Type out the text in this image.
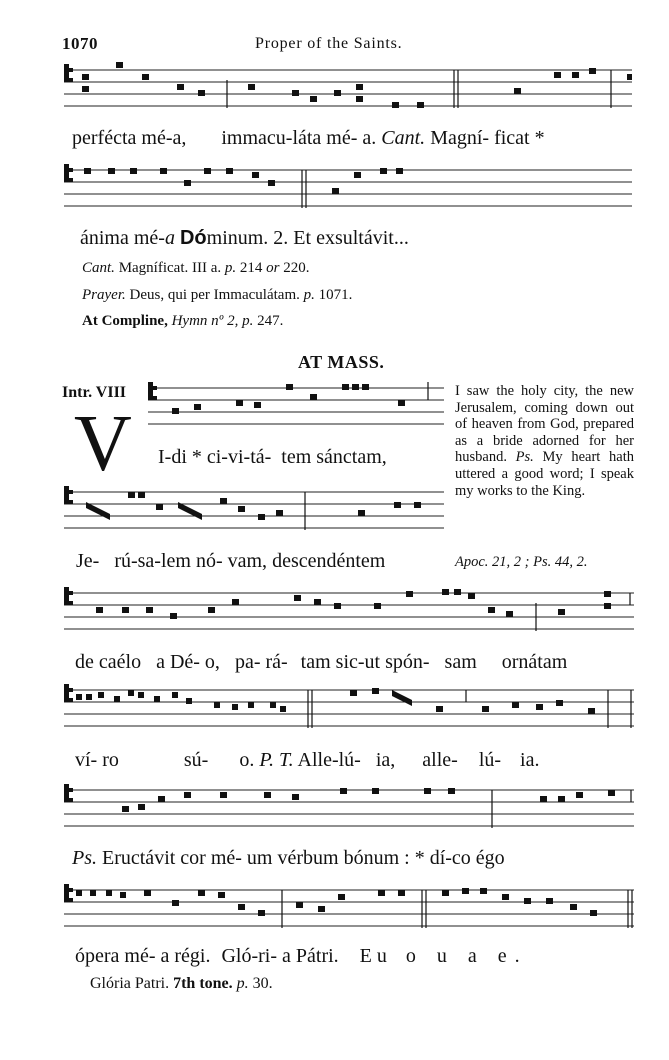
1070	Proper of the Saints.
perfécta mé-a, immacu-láta mé- a. Cant. Magní- ficat *
ánima mé-a Dóminum. 2. Et exsultávit...
Cant. Magníficat. III a. p. 214 or 220.
Prayer. Deus, qui per Immaculátam. p. 1071.
At Compline, Hymn nº 2, p. 247.
AT MASS.
Intr. VIII
V I-di * ci-vi-tá- tem sánctam,
Je- rú-sa-lem nó- vam, descendéntem
I saw the holy city, the new Jerusalem, coming down out of heaven from God, prepared as a bride adorned for her husband. Ps. My heart hath uttered a good word; I speak my works to the King.
Apoc. 21, 2 ; Ps. 44, 2.
de caélo a Dé- o, pa- rá- tam sic-ut spón- sam ornátam
ví- ro	sú- o. P. T. Alle-lú- ia, alle- lú- ia.
Ps. Eructávit cor mé- um vérbum bónum : * dí-co égo
ópera mé- a régi. Gló-ri- a Pátri. E u o u a e.
Glória Patri. 7th tone. p. 30.
